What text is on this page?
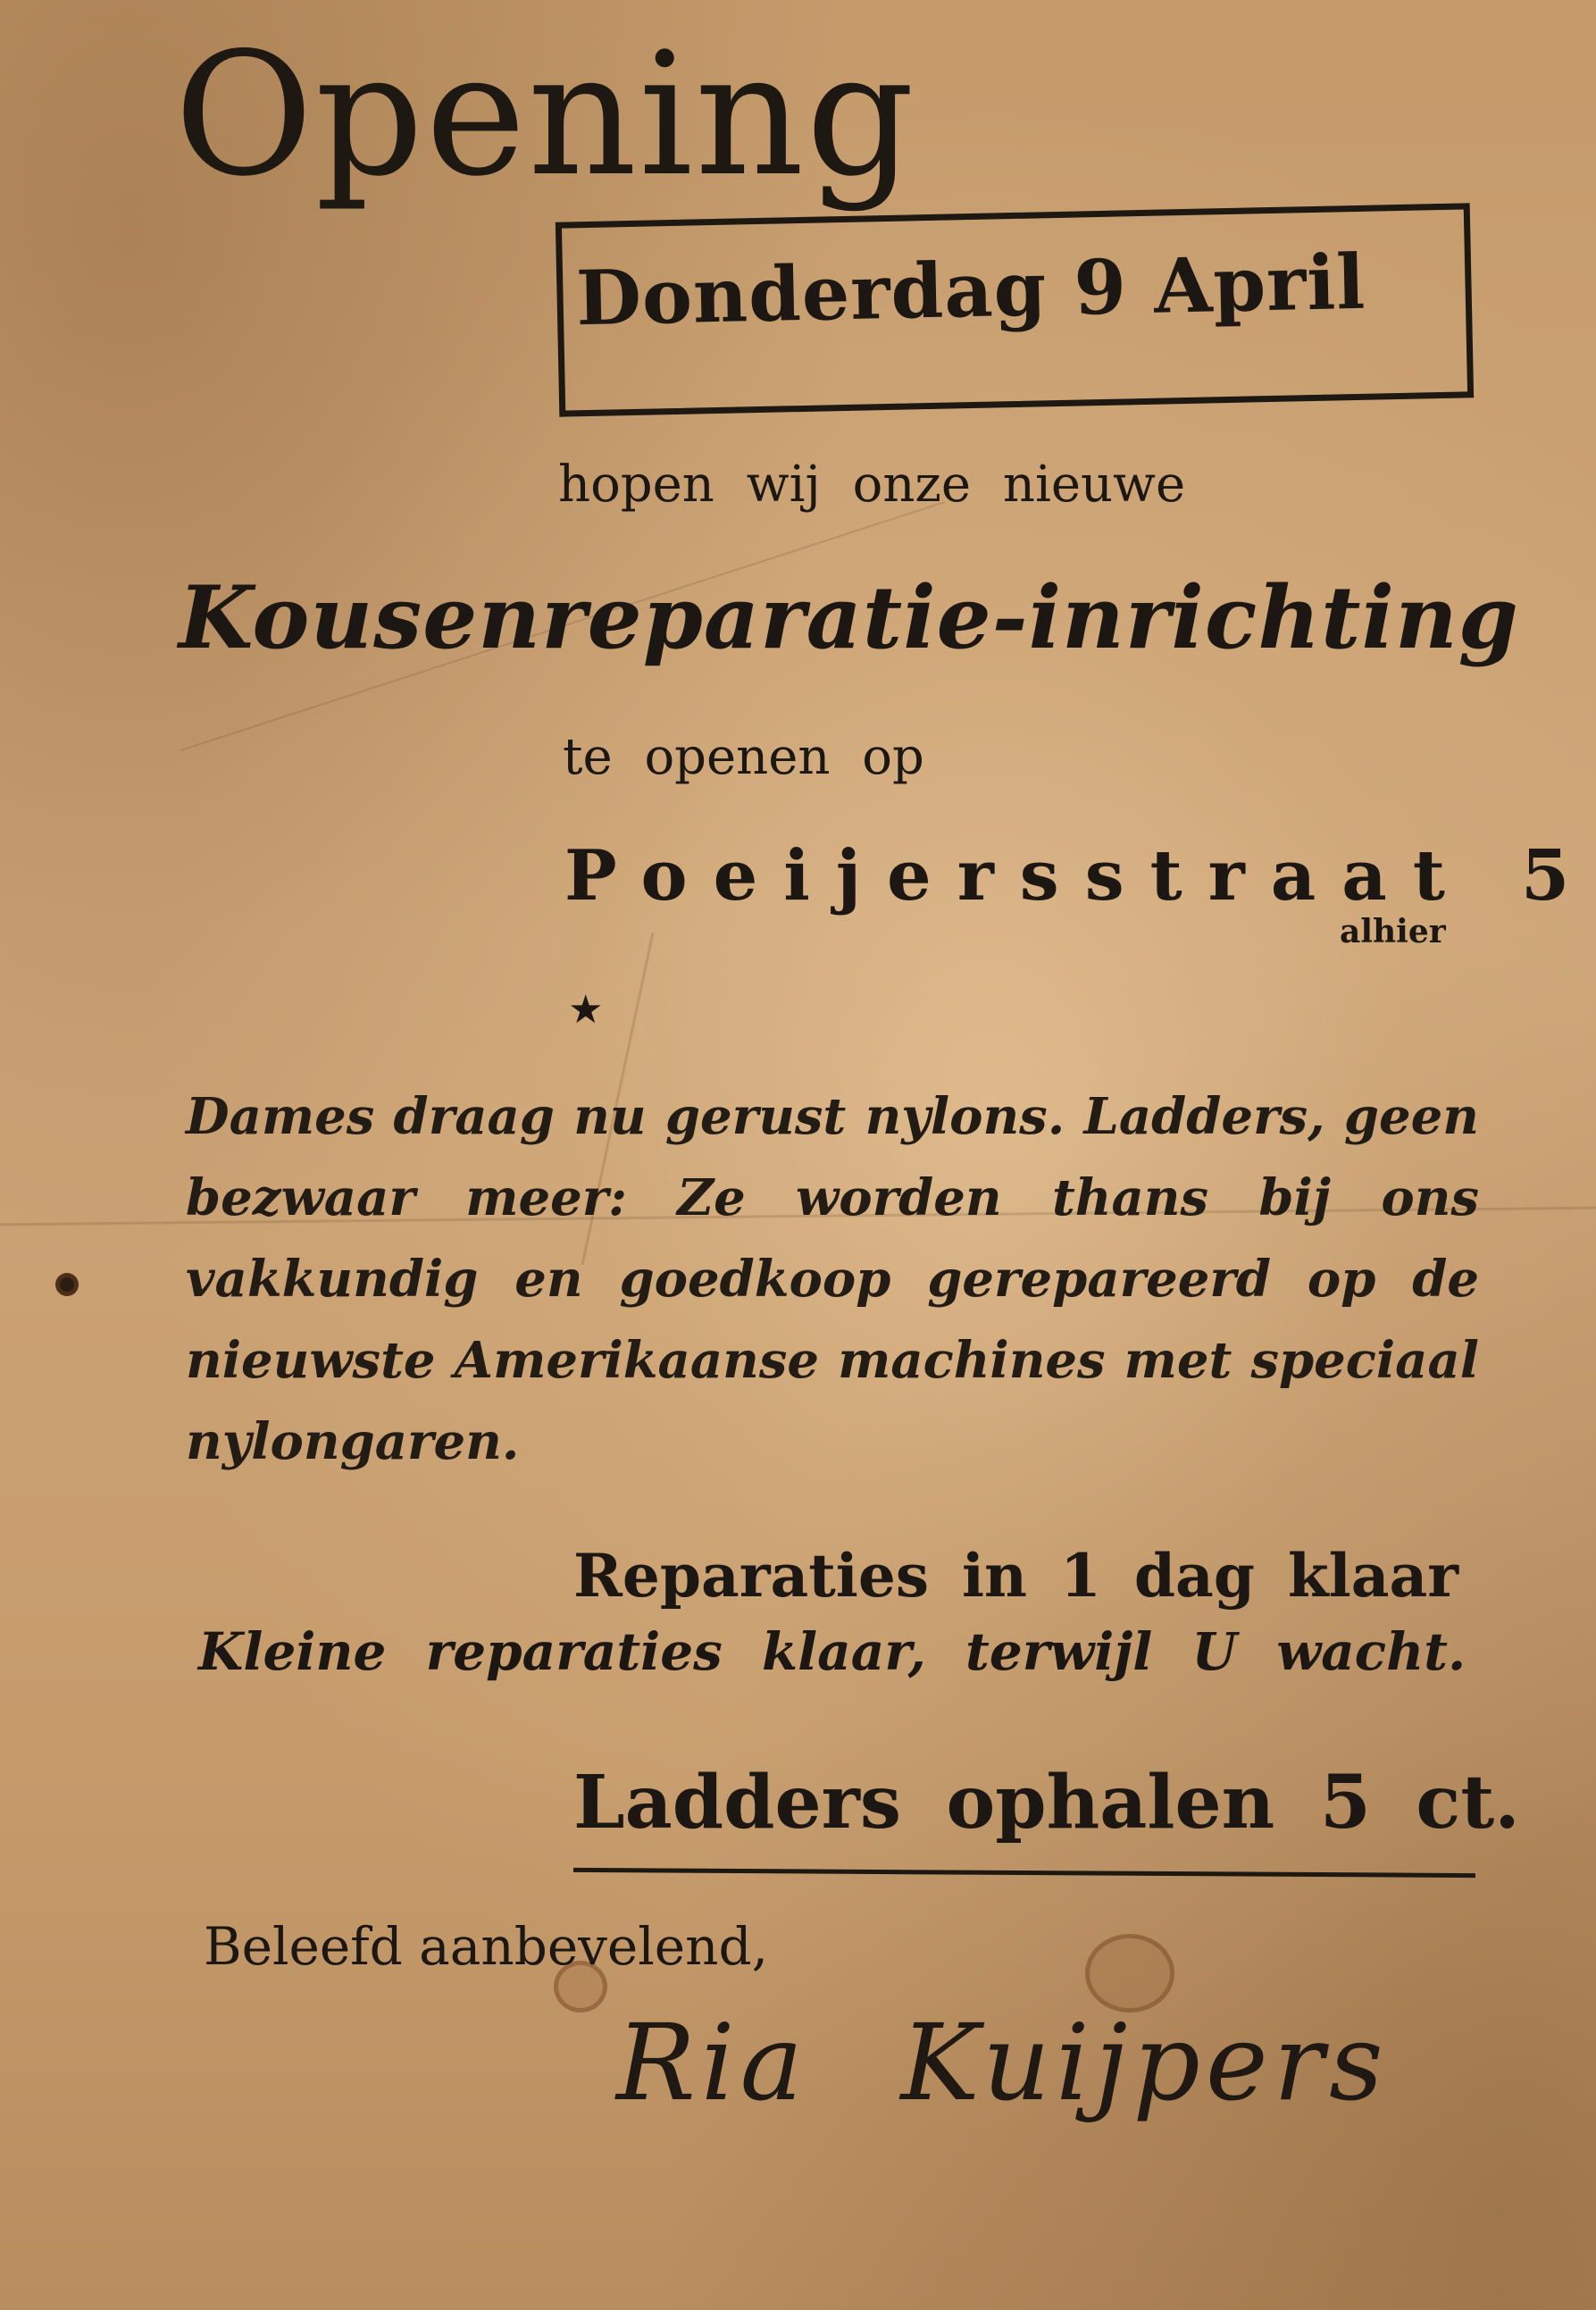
Opening
Donderdag 9 April
hopen wij onze nieuwe
Kousenreparatie-inrichting
te openen op
Poeijersstraat 5
alhier
★

Dames draag nu gerust nylons. Ladders, geen bezwaar meer: Ze worden thans bij ons vakkundig en goedkoop gerepareerd op de nieuwste Amerikaanse machines met speciaal nylongaren.

Reparaties in 1 dag klaar
Kleine reparaties klaar, terwijl U wacht.
Ladders ophalen 5 ct.
Beleefd aanbevelend,
Ria Kuijpers
